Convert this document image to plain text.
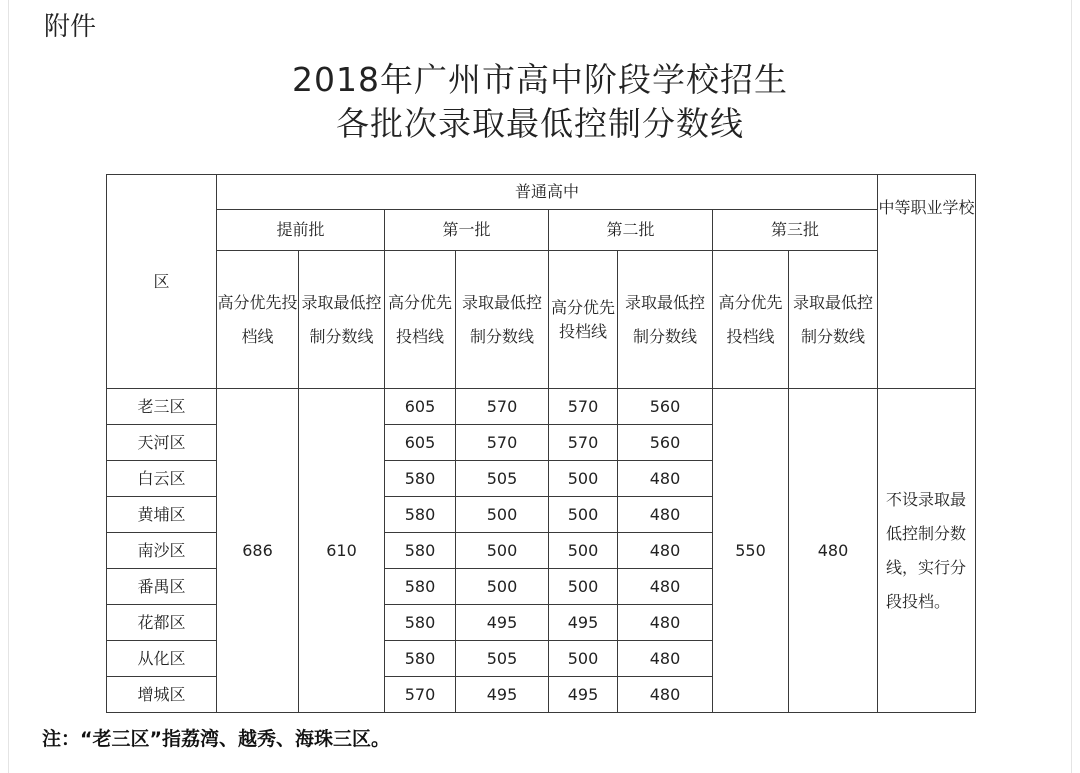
附件
2018年广州市高中阶段学校招生
各批次录取最低控制分数线
区	普通高中								中等职业学校
	提前批		第一批		第二批		第三批		
	高分优先投档线	录取最低控制分数线	高分优先投档线	录取最低控制分数线	高分优先投档线	录取最低控制分数线	高分优先投档线	录取最低控制分数线	
老三区	686	610	605	570	570	560	550	480	不设录取最低控制分数线，实行分段投档。
天河区			605	570	570	560			
白云区			580	505	500	480			
黄埔区			580	500	500	480			
南沙区			580	500	500	480			
番禺区			580	500	500	480			
花都区			580	495	495	480			
从化区			580	505	500	480			
增城区			570	495	495	480			
注：“老三区”指荔湾、越秀、海珠三区。
